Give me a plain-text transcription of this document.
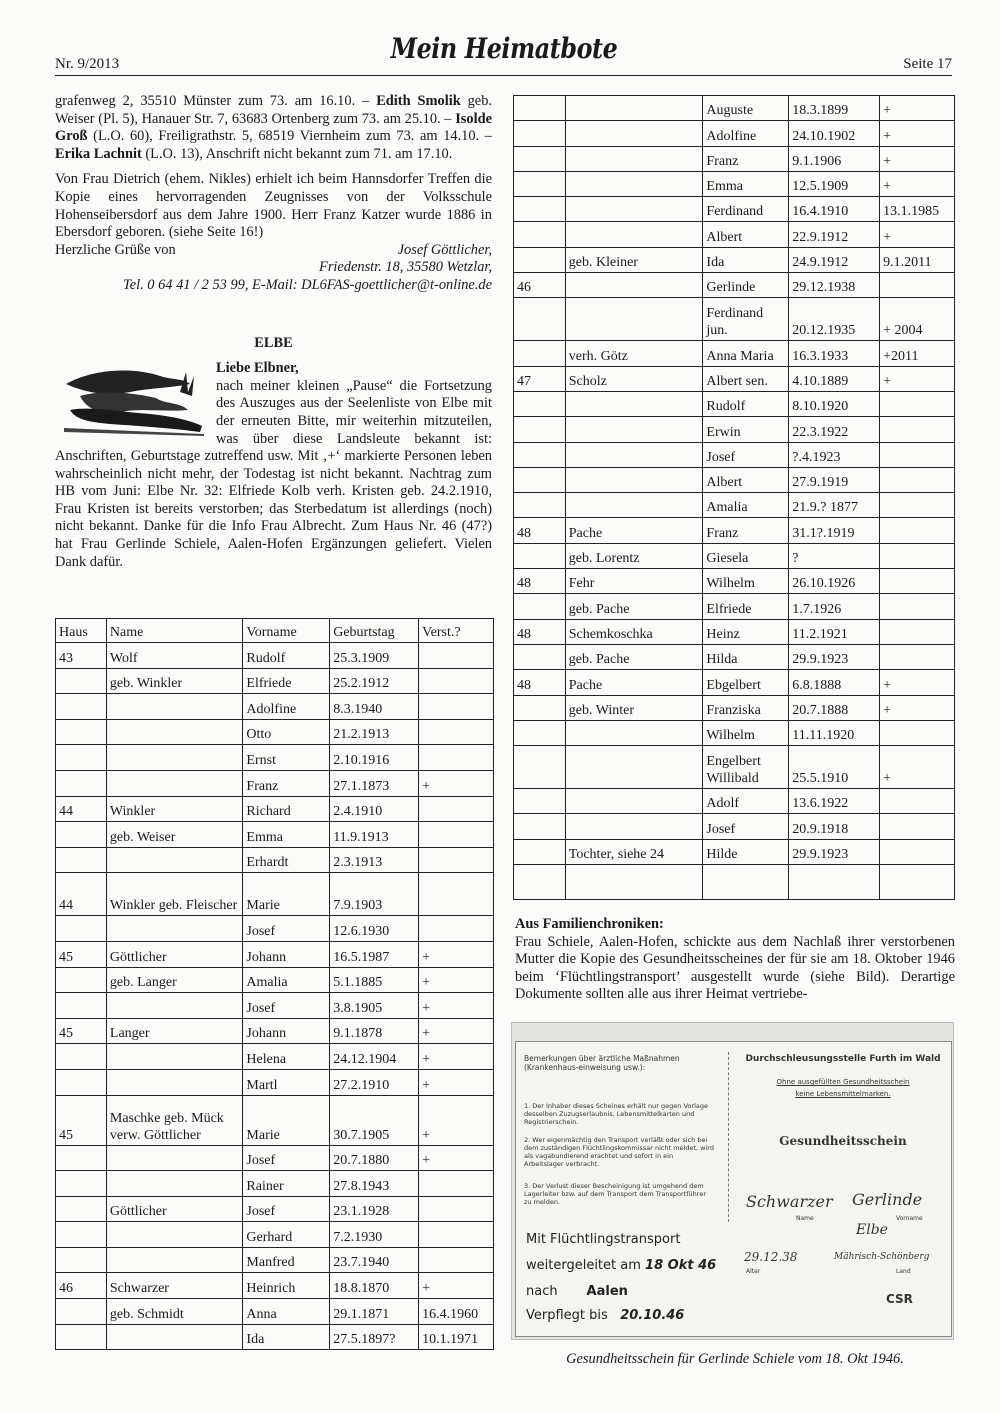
Nr. 9/2013	Mein Heimatbote	Seite 17

grafenweg 2, 35510 Münster zum 73. am 16.10. – Edith Smolik geb. Weiser (Pl. 5), Hanauer Str. 7, 63683 Ortenberg zum 73. am 25.10. – Isolde Groß (L.O. 60), Freiligrathstr. 5, 68519 Viernheim zum 73. am 14.10. – Erika Lachnit (L.O. 13), Anschrift nicht bekannt zum 71. am 17.10.

Von Frau Dietrich (ehem. Nikles) erhielt ich beim Hannsdorfer Treffen die Kopie eines hervorragenden Zeugnisses von der Volksschule Hohenseibersdorf aus dem Jahre 1900. Herr Franz Katzer wurde 1886 in Ebersdorf geboren. (siehe Seite 16!)

Herzliche Grüße von	Josef Göttlicher,
Friedenstr. 18, 35580 Wetzlar,
Tel. 0 64 41 / 2 53 99, E-Mail: DL6FAS-goettlicher@t-online.de
ELBE
Liebe Elbner,
nach meiner kleinen „Pause“ die Fortsetzung des Auszuges aus der Seelenliste von Elbe mit der erneuten Bitte, mir weiterhin mitzuteilen, was über diese Landsleute bekannt ist: Anschriften, Geburtstage zutreffend usw. Mit ‚+‘ markierte Personen leben wahrscheinlich nicht mehr, der Todestag ist nicht bekannt. Nachtrag zum HB vom Juni: Elbe Nr. 32: Elfriede Kolb verh. Kristen geb. 24.2.1910, Frau Kristen ist bereits verstorben; das Sterbedatum ist allerdings (noch) nicht bekannt. Danke für die Info Frau Albrecht. Zum Haus Nr. 46 (47?) hat Frau Gerlinde Schiele, Aalen-Hofen Ergänzungen geliefert. Vielen Dank dafür.
Haus	Name	Vorname	Geburtstag	Verst.?
43	Wolf	Rudolf	25.3.1909	
	geb. Winkler	Elfriede	25.2.1912	
		Adolfine	8.3.1940	
		Otto	21.2.1913	
		Ernst	2.10.1916	
		Franz	27.1.1873	+
44	Winkler	Richard	2.4.1910	
	geb. Weiser	Emma	11.9.1913	
		Erhardt	2.3.1913	
44	Winkler geb. Fleischer	Marie	7.9.1903	
		Josef	12.6.1930	
45	Göttlicher	Johann	16.5.1987	+
	geb. Langer	Amalia	5.1.1885	+
		Josef	3.8.1905	+
45	Langer	Johann	9.1.1878	+
		Helena	24.12.1904	+
		Martl	27.2.1910	+
45	Maschke geb. Mück verw. Göttlicher	Marie	30.7.1905	+
		Josef	20.7.1880	+
		Rainer	27.8.1943	
	Göttlicher	Josef	23.1.1928	
		Gerhard	7.2.1930	
		Manfred	23.7.1940	
46	Schwarzer	Heinrich	18.8.1870	+
	geb. Schmidt	Anna	29.1.1871	16.4.1960
		Ida	27.5.1897?	10.1.1971
		Auguste	18.3.1899	+
		Adolfine	24.10.1902	+
		Franz	9.1.1906	+
		Emma	12.5.1909	+
		Ferdinand	16.4.1910	13.1.1985
		Albert	22.9.1912	+
	geb. Kleiner	Ida	24.9.1912	9.1.2011
46		Gerlinde	29.12.1938	
		Ferdinand jun.	20.12.1935	+ 2004
	verh. Götz	Anna Maria	16.3.1933	+2011
47	Scholz	Albert sen.	4.10.1889	+
		Rudolf	8.10.1920	
		Erwin	22.3.1922	
		Josef	?.4.1923	
		Albert	27.9.1919	
		Amalia	21.9.? 1877	
48	Pache	Franz	31.1?.1919	
	geb. Lorentz	Giesela	?	
48	Fehr	Wilhelm	26.10.1926	
	geb. Pache	Elfriede	1.7.1926	
48	Schemkoschka	Heinz	11.2.1921	
	geb. Pache	Hilda	29.9.1923	
48	Pache	Ebgelbert	6.8.1888	+
	geb. Winter	Franziska	20.7.1888	+
		Wilhelm	11.11.1920	
		Engelbert Willibald	25.5.1910	+
		Adolf	13.6.1922	
		Josef	20.9.1918	
	Tochter, siehe 24	Hilde	29.9.1923	

Aus Familienchroniken:
Frau Schiele, Aalen-Hofen, schickte aus dem Nachlaß ihrer verstorbenen Mutter die Kopie des Gesundheitsscheines der für sie am 18. Oktober 1946 beim ‘Flüchtlingstransport’ ausgestellt wurde (siehe Bild). Derartige Dokumente sollten alle aus ihrer Heimat vertriebe-
Bemerkungen über ärztliche Maßnahmen (Krankenhaus-einweisung usw.):
1. Der Inhaber dieses Scheines erhält nur gegen Vorlage desselben Zuzugserlaubnis, Lebensmittelkarten und Registrierschein.
2. Wer eigenmächtig den Transport verläßt oder sich bei dem zuständigen Flüchtlingskommissar nicht meldet, wird als vagabundierend erachtet und sofort in ein Arbeitslager verbracht.
3. Der Verlust dieser Bescheinigung ist umgehend dem Lagerleiter bzw. auf dem Transport dem Transportführer zu melden.
Durchschleusungsstelle Furth im Wald
Ohne ausgefüllten Gesundheitsschein
keine Lebensmittelmarken.
Gesundheitsschein
Schwarzer Gerlinde
Name	Vorname
Elbe
29.12.38
Alter
Mährisch-Schönberg
Land
Mit Flüchtlingstransport
weitergeleitet am 18 Okt 46
nach Aalen
Verpflegt bis 20.10.46
CSR
Gesundheitsschein für Gerlinde Schiele vom 18. Okt 1946.
